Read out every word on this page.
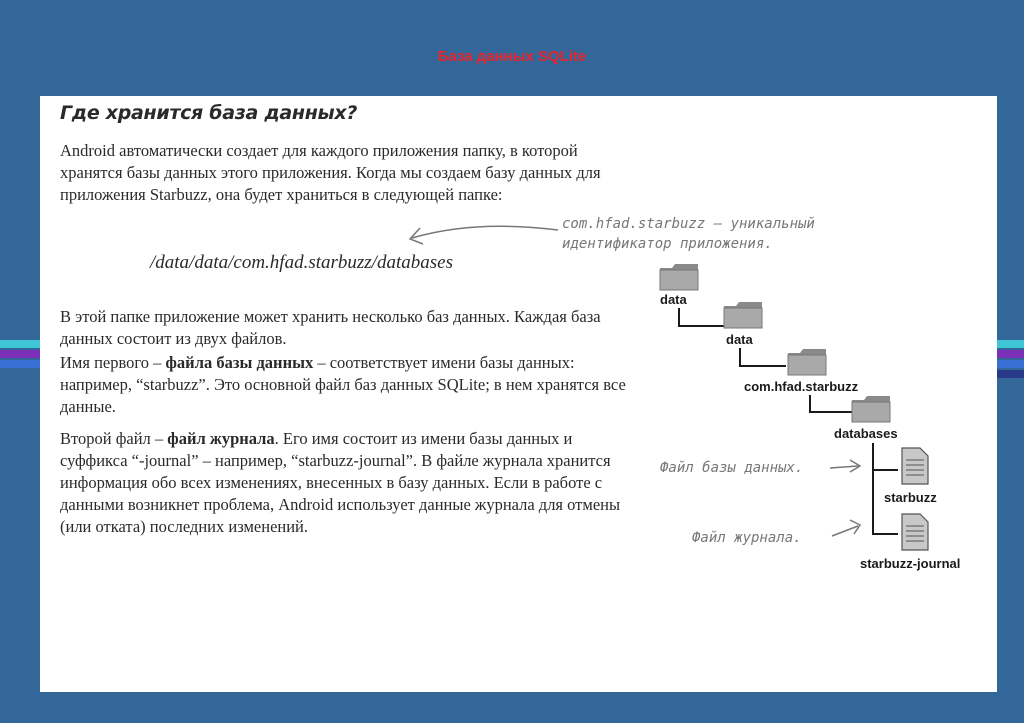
База данных SQLite
Где хранится база данных?
Android автоматически создает для каждого приложения папку, в которой хранятся базы данных этого приложения. Когда мы создаем базу данных для приложения Starbuzz, она будет храниться в следующей папке:
/data/data/com.hfad.starbuzz/databases
В этой папке приложение может хранить несколько баз данных. Каждая база данных состоит из двух файлов.
Имя первого – файла базы данных – соответствует имени базы данных: например, “starbuzz”. Это основной файл баз данных SQLite; в нем хранятся все данные.
Второй файл – файл журнала. Его имя состоит из имени базы данных и суффикса “-journal” – например, “starbuzz-journal”. В файле журнала хранится информация обо всех изменениях, внесенных в базу данных. Если в работе с данными возникнет проблема, Android использует данные журнала для отмены (или отката) последних изменений.
com.hfad.starbuzz — уникальный
идентификатор приложения.
data
data
com.hfad.starbuzz
databases
starbuzz
starbuzz-journal
Файл базы данных.
Файл журнала.
